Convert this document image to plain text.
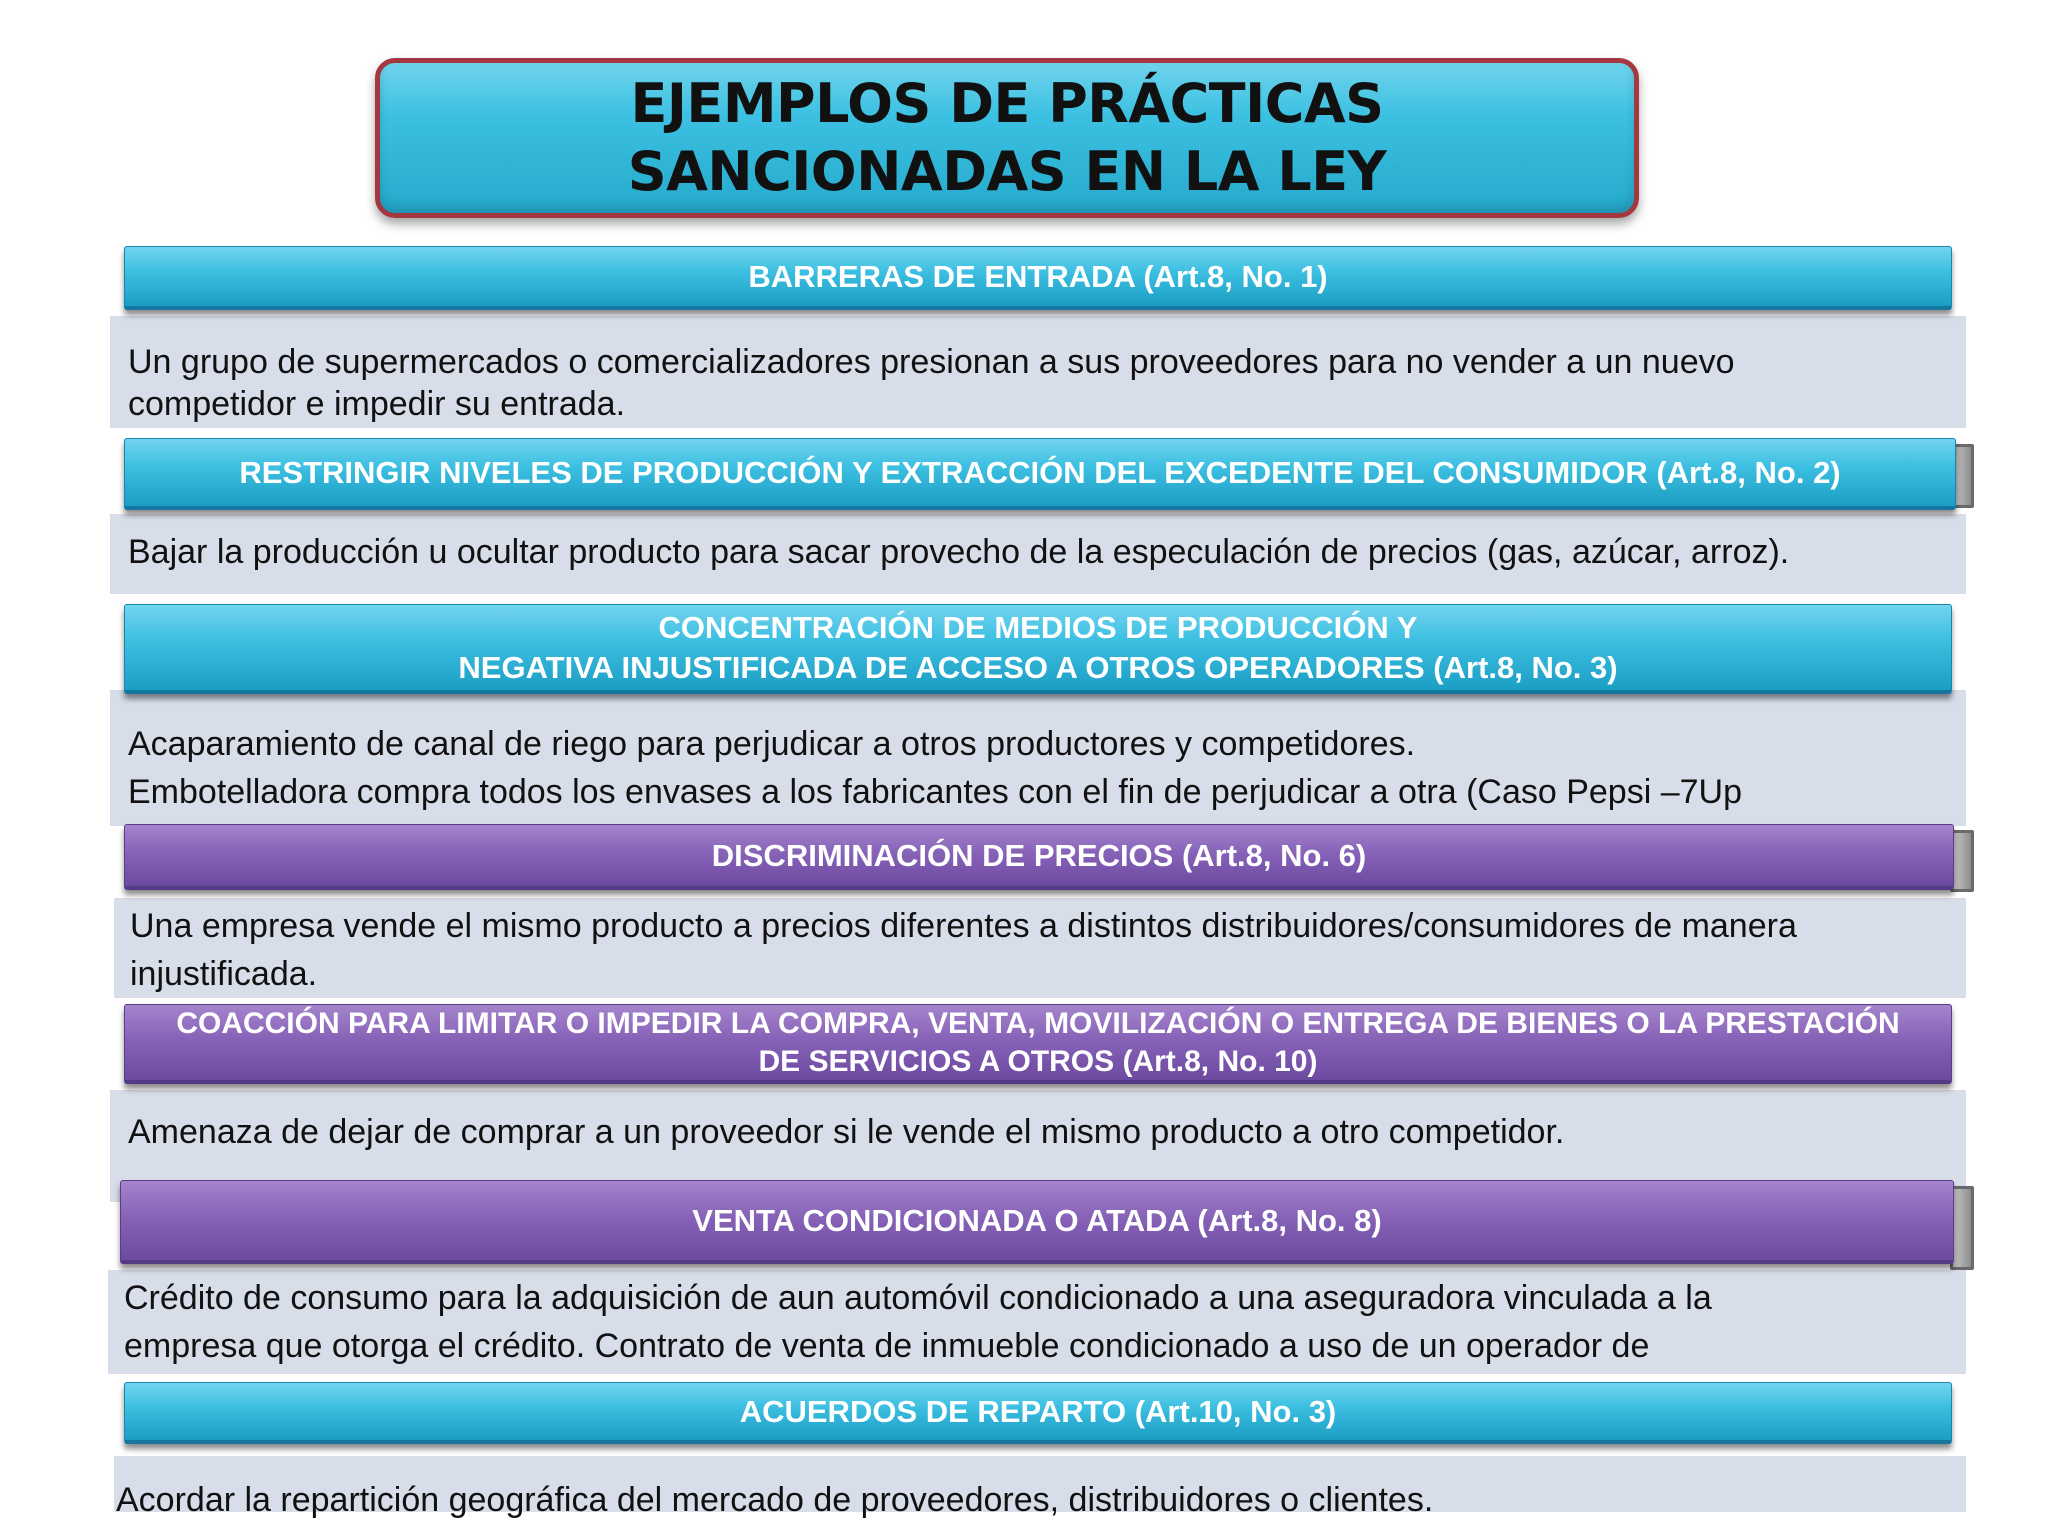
EJEMPLOS DE PRÁCTICAS
SANCIONADAS EN LA LEY
Un grupo de supermercados o comercializadores presionan a sus proveedores para no vender a un nuevo
competidor e impedir su entrada.
BARRERAS DE ENTRADA (Art.8, No. 1)
Bajar la producción u ocultar producto para sacar provecho de la especulación de precios (gas, azúcar, arroz).
RESTRINGIR NIVELES DE PRODUCCIÓN Y EXTRACCIÓN DEL EXCEDENTE DEL CONSUMIDOR (Art.8, No. 2)
Acaparamiento de canal de riego para perjudicar a otros productores y competidores.
Embotelladora compra todos los envases a los fabricantes con el fin de perjudicar a otra (Caso Pepsi –7Up
CONCENTRACIÓN DE MEDIOS DE PRODUCCIÓN Y
NEGATIVA INJUSTIFICADA DE ACCESO A OTROS OPERADORES (Art.8, No. 3)
Una empresa vende el mismo producto a precios diferentes a distintos distribuidores/consumidores de manera
injustificada.
DISCRIMINACIÓN DE PRECIOS (Art.8, No. 6)
Amenaza de dejar de comprar a un proveedor si le vende el mismo producto a otro competidor.
COACCIÓN PARA LIMITAR O IMPEDIR LA COMPRA, VENTA, MOVILIZACIÓN O ENTREGA DE BIENES O LA PRESTACIÓN
DE SERVICIOS A OTROS (Art.8, No. 10)
Crédito de consumo para la adquisición de aun automóvil condicionado a una aseguradora vinculada a la
empresa que otorga el crédito. Contrato de venta de inmueble condicionado a uso de un operador de
VENTA CONDICIONADA O ATADA (Art.8, No. 8)
Acordar la repartición geográfica del mercado de proveedores, distribuidores o clientes.
ACUERDOS DE REPARTO (Art.10, No. 3)
